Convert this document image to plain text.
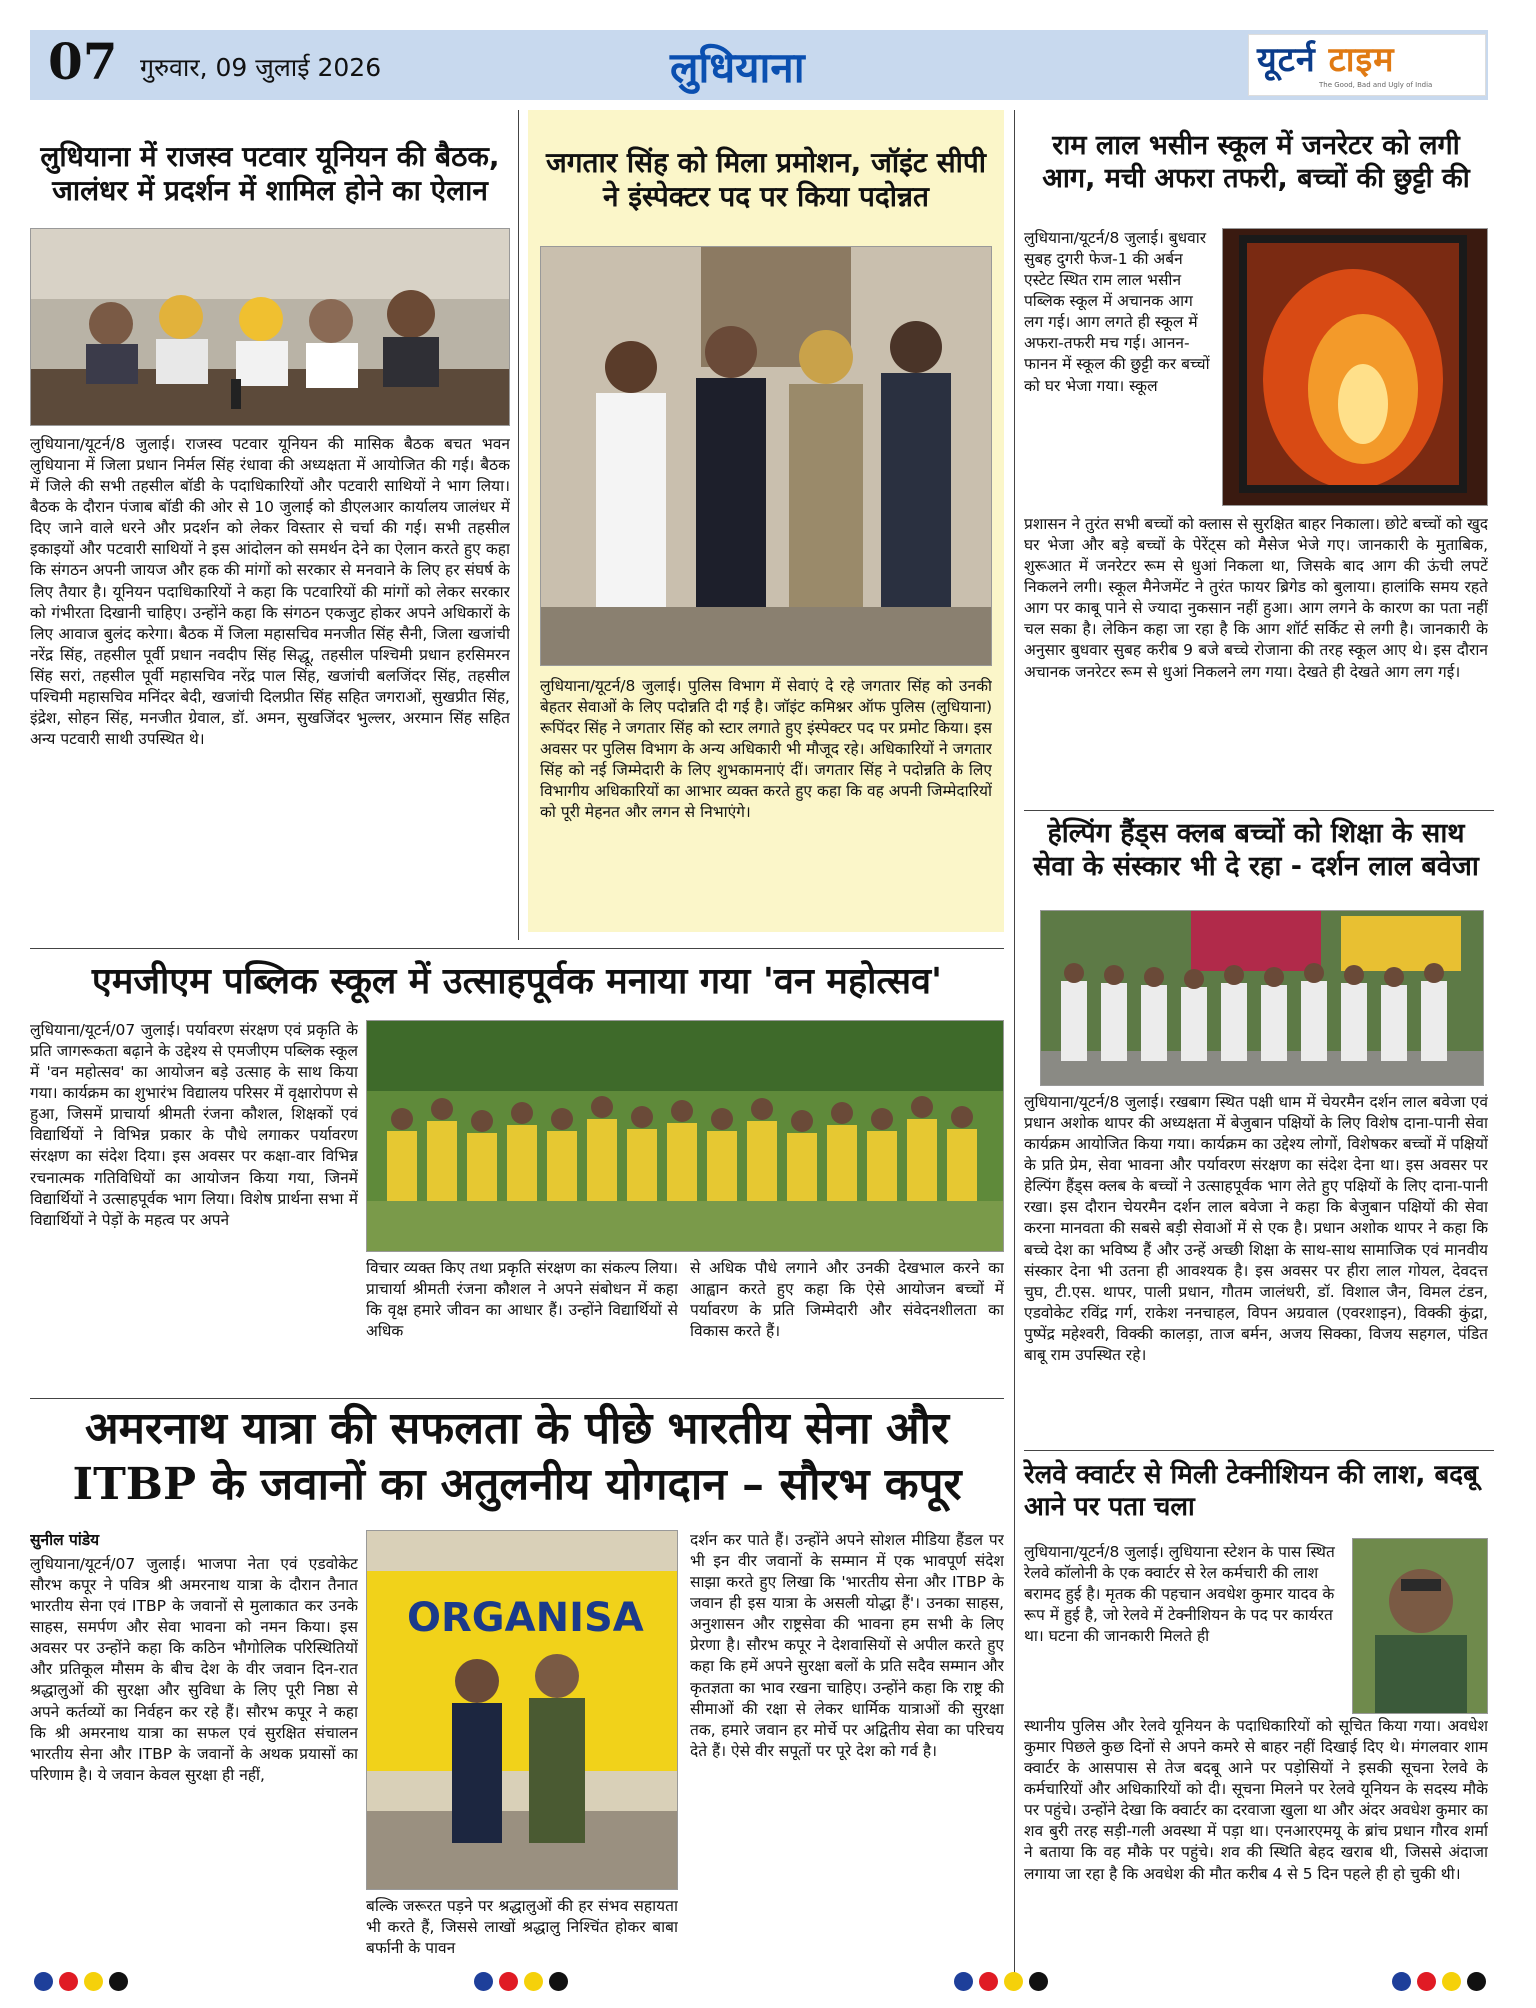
07 गुरुवार, 09 जुलाई 2026	लुधियाना	यूटर्न टाइम
The Good, Bad and Ugly of India
लुधियाना में राजस्व पटवार यूनियन की बैठक, जालंधर में प्रदर्शन में शामिल होने का ऐलान

लुधियाना/यूटर्न/8 जुलाई। राजस्व पटवार यूनियन की मासिक बैठक बचत भवन लुधियाना में जिला प्रधान निर्मल सिंह रंधावा की अध्यक्षता में आयोजित की गई। बैठक में जिले की सभी तहसील बॉडी के पदाधिकारियों और पटवारी साथियों ने भाग लिया। बैठक के दौरान पंजाब बॉडी की ओर से 10 जुलाई को डीएलआर कार्यालय जालंधर में दिए जाने वाले धरने और प्रदर्शन को लेकर विस्तार से चर्चा की गई। सभी तहसील इकाइयों और पटवारी साथियों ने इस आंदोलन को समर्थन देने का ऐलान करते हुए कहा कि संगठन अपनी जायज और हक की मांगों को सरकार से मनवाने के लिए हर संघर्ष के लिए तैयार है। यूनियन पदाधिकारियों ने कहा कि पटवारियों की मांगों को लेकर सरकार को गंभीरता दिखानी चाहिए। उन्होंने कहा कि संगठन एकजुट होकर अपने अधिकारों के लिए आवाज बुलंद करेगा। बैठक में जिला महासचिव मनजीत सिंह सैनी, जिला खजांची नरेंद्र सिंह, तहसील पूर्वी प्रधान नवदीप सिंह सिद्धू, तहसील पश्चिमी प्रधान हरसिमरन सिंह सरां, तहसील पूर्वी महासचिव नरेंद्र पाल सिंह, खजांची बलजिंदर सिंह, तहसील पश्चिमी महासचिव मनिंदर बेदी, खजांची दिलप्रीत सिंह सहित जगराओं, सुखप्रीत सिंह, इंद्रेश, सोहन सिंह, मनजीत ग्रेवाल, डॉ. अमन, सुखजिंदर भुल्लर, अरमान सिंह सहित अन्य पटवारी साथी उपस्थित थे।

जगतार सिंह को मिला प्रमोशन, जॉइंट सीपी ने इंस्पेक्टर पद पर किया पदोन्नत

लुधियाना/यूटर्न/8 जुलाई। पुलिस विभाग में सेवाएं दे रहे जगतार सिंह को उनकी बेहतर सेवाओं के लिए पदोन्नति दी गई है। जॉइंट कमिश्नर ऑफ पुलिस (लुधियाना) रूपिंदर सिंह ने जगतार सिंह को स्टार लगाते हुए इंस्पेक्टर पद पर प्रमोट किया। इस अवसर पर पुलिस विभाग के अन्य अधिकारी भी मौजूद रहे। अधिकारियों ने जगतार सिंह को नई जिम्मेदारी के लिए शुभकामनाएं दीं। जगतार सिंह ने पदोन्नति के लिए विभागीय अधिकारियों का आभार व्यक्त करते हुए कहा कि वह अपनी जिम्मेदारियों को पूरी मेहनत और लगन से निभाएंगे।

राम लाल भसीन स्कूल में जनरेटर को लगी आग, मची अफरा तफरी, बच्चों की छुट्टी की

लुधियाना/यूटर्न/8 जुलाई। बुधवार सुबह दुगरी फेज-1 की अर्बन एस्टेट स्थित राम लाल भसीन पब्लिक स्कूल में अचानक आग लग गई। आग लगते ही स्कूल में अफरा-तफरी मच गई। आनन-फानन में स्कूल की छुट्टी कर बच्चों को घर भेजा गया। स्कूल

प्रशासन ने तुरंत सभी बच्चों को क्लास से सुरक्षित बाहर निकाला। छोटे बच्चों को खुद घर भेजा और बड़े बच्चों के पेरेंट्स को मैसेज भेजे गए। जानकारी के मुताबिक, शुरूआत में जनरेटर रूम से धुआं निकला था, जिसके बाद आग की ऊंची लपटें निकलने लगी। स्कूल मैनेजमेंट ने तुरंत फायर ब्रिगेड को बुलाया। हालांकि समय रहते आग पर काबू पाने से ज्यादा नुकसान नहीं हुआ। आग लगने के कारण का पता नहीं चल सका है। लेकिन कहा जा रहा है कि आग शॉर्ट सर्किट से लगी है। जानकारी के अनुसार बुधवार सुबह करीब 9 बजे बच्चे रोजाना की तरह स्कूल आए थे। इस दौरान अचानक जनरेटर रूम से धुआं निकलने लग गया। देखते ही देखते आग लग गई।

हेल्पिंग हैंड्स क्लब बच्चों को शिक्षा के साथ सेवा के संस्कार भी दे रहा - दर्शन लाल बवेजा

लुधियाना/यूटर्न/8 जुलाई। रखबाग स्थित पक्षी धाम में चेयरमैन दर्शन लाल बवेजा एवं प्रधान अशोक थापर की अध्यक्षता में बेजुबान पक्षियों के लिए विशेष दाना-पानी सेवा कार्यक्रम आयोजित किया गया। कार्यक्रम का उद्देश्य लोगों, विशेषकर बच्चों में पक्षियों के प्रति प्रेम, सेवा भावना और पर्यावरण संरक्षण का संदेश देना था। इस अवसर पर हेल्पिंग हैंड्स क्लब के बच्चों ने उत्साहपूर्वक भाग लेते हुए पक्षियों के लिए दाना-पानी रखा। इस दौरान चेयरमैन दर्शन लाल बवेजा ने कहा कि बेजुबान पक्षियों की सेवा करना मानवता की सबसे बड़ी सेवाओं में से एक है। प्रधान अशोक थापर ने कहा कि बच्चे देश का भविष्य हैं और उन्हें अच्छी शिक्षा के साथ-साथ सामाजिक एवं मानवीय संस्कार देना भी उतना ही आवश्यक है। इस अवसर पर हीरा लाल गोयल, देवदत्त चुघ, टी.एस. थापर, पाली प्रधान, गौतम जालंधरी, डॉ. विशाल जैन, विमल टंडन, एडवोकेट रविंद्र गर्ग, राकेश ननचाहल, विपन अग्रवाल (एवरशाइन), विक्की कुंद्रा, पुष्पेंद्र महेश्वरी, विक्की कालड़ा, ताज बर्मन, अजय सिक्का, विजय सहगल, पंडित बाबू राम उपस्थित रहे।

रेलवे क्वार्टर से मिली टेक्नीशियन की लाश, बदबू आने पर पता चला

लुधियाना/यूटर्न/8 जुलाई। लुधियाना स्टेशन के पास स्थित रेलवे कॉलोनी के एक क्वार्टर से रेल कर्मचारी की लाश बरामद हुई है। मृतक की पहचान अवधेश कुमार यादव के रूप में हुई है, जो रेलवे में टेक्नीशियन के पद पर कार्यरत था। घटना की जानकारी मिलते ही

स्थानीय पुलिस और रेलवे यूनियन के पदाधिकारियों को सूचित किया गया। अवधेश कुमार पिछले कुछ दिनों से अपने कमरे से बाहर नहीं दिखाई दिए थे। मंगलवार शाम क्वार्टर के आसपास से तेज बदबू आने पर पड़ोसियों ने इसकी सूचना रेलवे के कर्मचारियों और अधिकारियों को दी। सूचना मिलने पर रेलवे यूनियन के सदस्य मौके पर पहुंचे। उन्होंने देखा कि क्वार्टर का दरवाजा खुला था और अंदर अवधेश कुमार का शव बुरी तरह सड़ी-गली अवस्था में पड़ा था। एनआरएमयू के ब्रांच प्रधान गौरव शर्मा ने बताया कि वह मौके पर पहुंचे। शव की स्थिति बेहद खराब थी, जिससे अंदाजा लगाया जा रहा है कि अवधेश की मौत करीब 4 से 5 दिन पहले ही हो चुकी थी।

एमजीएम पब्लिक स्कूल में उत्साहपूर्वक मनाया गया 'वन महोत्सव'

लुधियाना/यूटर्न/07 जुलाई। पर्यावरण संरक्षण एवं प्रकृति के प्रति जागरूकता बढ़ाने के उद्देश्य से एमजीएम पब्लिक स्कूल में 'वन महोत्सव' का आयोजन बड़े उत्साह के साथ किया गया। कार्यक्रम का शुभारंभ विद्यालय परिसर में वृक्षारोपण से हुआ, जिसमें प्राचार्या श्रीमती रंजना कौशल, शिक्षकों एवं विद्यार्थियों ने विभिन्न प्रकार के पौधे लगाकर पर्यावरण संरक्षण का संदेश दिया। इस अवसर पर कक्षा-वार विभिन्न रचनात्मक गतिविधियों का आयोजन किया गया, जिनमें विद्यार्थियों ने उत्साहपूर्वक भाग लिया। विशेष प्रार्थना सभा में विद्यार्थियों ने पेड़ों के महत्व पर अपने

विचार व्यक्त किए तथा प्रकृति संरक्षण का संकल्प लिया। प्राचार्या श्रीमती रंजना कौशल ने अपने संबोधन में कहा कि वृक्ष हमारे जीवन का आधार हैं। उन्होंने विद्यार्थियों से अधिक

से अधिक पौधे लगाने और उनकी देखभाल करने का आह्वान करते हुए कहा कि ऐसे आयोजन बच्चों में पर्यावरण के प्रति जिम्मेदारी और संवेदनशीलता का विकास करते हैं।

अमरनाथ यात्रा की सफलता के पीछे भारतीय सेना और
ITBP के जवानों का अतुलनीय योगदान – सौरभ कपूर
सुनील पांडेय

लुधियाना/यूटर्न/07 जुलाई। भाजपा नेता एवं एडवोकेट सौरभ कपूर ने पवित्र श्री अमरनाथ यात्रा के दौरान तैनात भारतीय सेना एवं ITBP के जवानों से मुलाकात कर उनके साहस, समर्पण और सेवा भावना को नमन किया। इस अवसर पर उन्होंने कहा कि कठिन भौगोलिक परिस्थितियों और प्रतिकूल मौसम के बीच देश के वीर जवान दिन-रात श्रद्धालुओं की सुरक्षा और सुविधा के लिए पूरी निष्ठा से अपने कर्तव्यों का निर्वहन कर रहे हैं। सौरभ कपूर ने कहा कि श्री अमरनाथ यात्रा का सफल एवं सुरक्षित संचालन भारतीय सेना और ITBP के जवानों के अथक प्रयासों का परिणाम है। ये जवान केवल सुरक्षा ही नहीं,

ORGANISA

बल्कि जरूरत पड़ने पर श्रद्धालुओं की हर संभव सहायता भी करते हैं, जिससे लाखों श्रद्धालु निश्चिंत होकर बाबा बर्फानी के पावन

दर्शन कर पाते हैं। उन्होंने अपने सोशल मीडिया हैंडल पर भी इन वीर जवानों के सम्मान में एक भावपूर्ण संदेश साझा करते हुए लिखा कि 'भारतीय सेना और ITBP के जवान ही इस यात्रा के असली योद्धा हैं'। उनका साहस, अनुशासन और राष्ट्रसेवा की भावना हम सभी के लिए प्रेरणा है। सौरभ कपूर ने देशवासियों से अपील करते हुए कहा कि हमें अपने सुरक्षा बलों के प्रति सदैव सम्मान और कृतज्ञता का भाव रखना चाहिए। उन्होंने कहा कि राष्ट्र की सीमाओं की रक्षा से लेकर धार्मिक यात्राओं की सुरक्षा तक, हमारे जवान हर मोर्चे पर अद्वितीय सेवा का परिचय देते हैं। ऐसे वीर सपूतों पर पूरे देश को गर्व है।
